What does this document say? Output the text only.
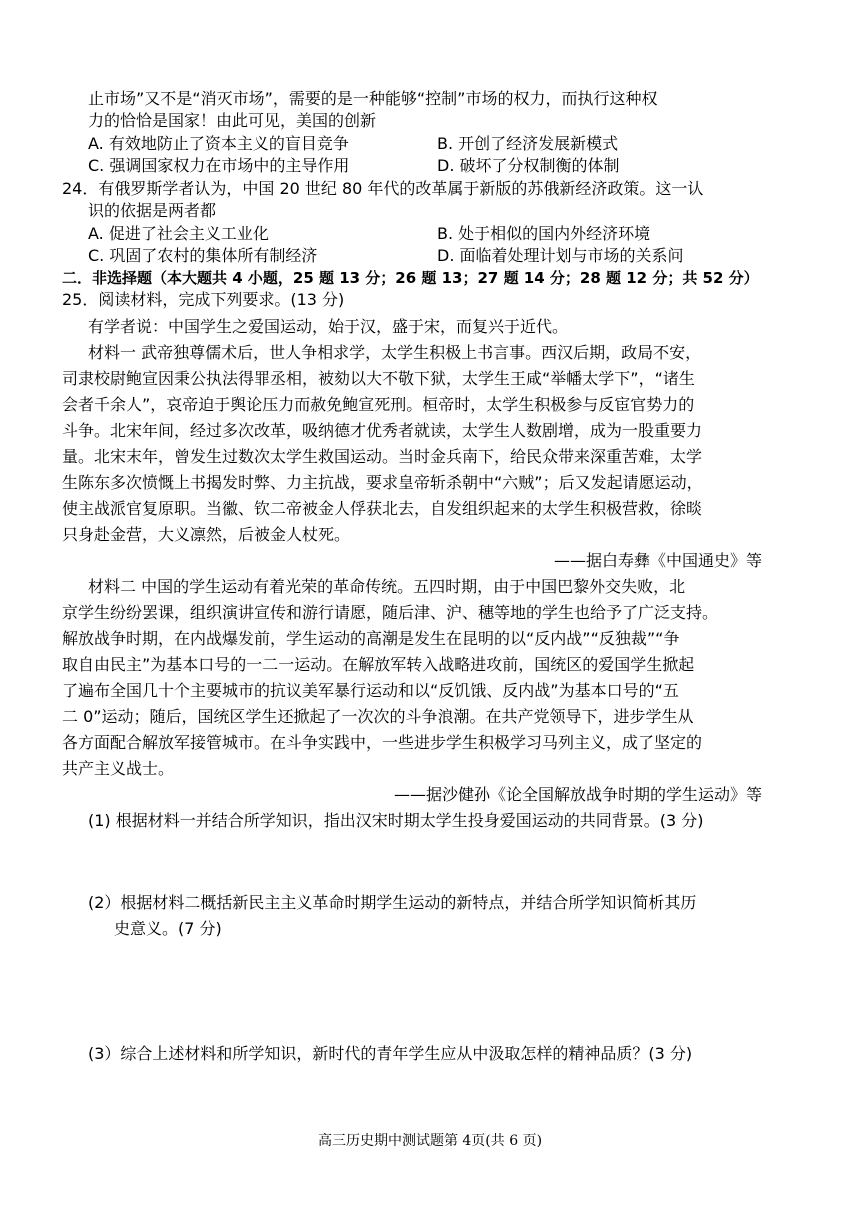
止市场”又不是“消灭市场”，需要的是一种能够“控制”市场的权力，而执行这种权
力的恰恰是国家！由此可见，美国的创新
A. 有效地防止了资本主义的盲目竞争	B. 开创了经济发展新模式
C. 强调国家权力在市场中的主导作用	D. 破坏了分权制衡的体制
24．有俄罗斯学者认为，中国 20 世纪 80 年代的改革属于新版的苏俄新经济政策。这一认
识的依据是两者都
A. 促进了社会主义工业化	B. 处于相似的国内外经济环境
C. 巩固了农村的集体所有制经济	D. 面临着处理计划与市场的关系问
二．非选择题（本大题共 4 小题，25 题 13 分；26 题 13；27 题 14 分；28 题 12 分；共 52 分）
25．阅读材料，完成下列要求。(13 分)
有学者说：中国学生之爱国运动，始于汉，盛于宋，而复兴于近代。
材料一 武帝独尊儒术后，世人争相求学，太学生积极上书言事。西汉后期，政局不安，
司隶校尉鲍宣因秉公执法得罪丞相，被劾以大不敬下狱，太学生王咸“举幡太学下”，“诸生
会者千余人”，哀帝迫于舆论压力而赦免鲍宣死刑。桓帝时，太学生积极参与反宦官势力的
斗争。北宋年间，经过多次改革，吸纳德才优秀者就读，太学生人数剧增，成为一股重要力
量。北宋末年，曾发生过数次太学生救国运动。当时金兵南下，给民众带来深重苦难，太学
生陈东多次愤慨上书揭发时弊、力主抗战，要求皇帝斩杀朝中“六贼”；后又发起请愿运动，
使主战派官复原职。当徽、钦二帝被金人俘获北去，自发组织起来的太学生积极营救，徐晱
只身赴金营，大义凛然，后被金人杖死。
——据白寿彝《中国通史》等
材料二 中国的学生运动有着光荣的革命传统。五四时期，由于中国巴黎外交失败，北
京学生纷纷罢课，组织演讲宣传和游行请愿，随后津、沪、穗等地的学生也给予了广泛支持。
解放战争时期，在内战爆发前，学生运动的高潮是发生在昆明的以“反内战”“反独裁”“争
取自由民主”为基本口号的一二一运动。在解放军转入战略进攻前，国统区的爱国学生掀起
了遍布全国几十个主要城市的抗议美军暴行运动和以“反饥饿、反内战”为基本口号的“五
二 0”运动；随后，国统区学生还掀起了一次次的斗争浪潮。在共产党领导下，进步学生从
各方面配合解放军接管城市。在斗争实践中，一些进步学生积极学习马列主义，成了坚定的
共产主义战士。
——据沙健孙《论全国解放战争时期的学生运动》等
(1) 根据材料一并结合所学知识，指出汉宋时期太学生投身爱国运动的共同背景。(3 分)
(2）根据材料二概括新民主主义革命时期学生运动的新特点，并结合所学知识简析其历
史意义。(7 分)
(3）综合上述材料和所学知识，新时代的青年学生应从中汲取怎样的精神品质？(3 分)
高三历史期中测试题第 4页(共 6 页)
